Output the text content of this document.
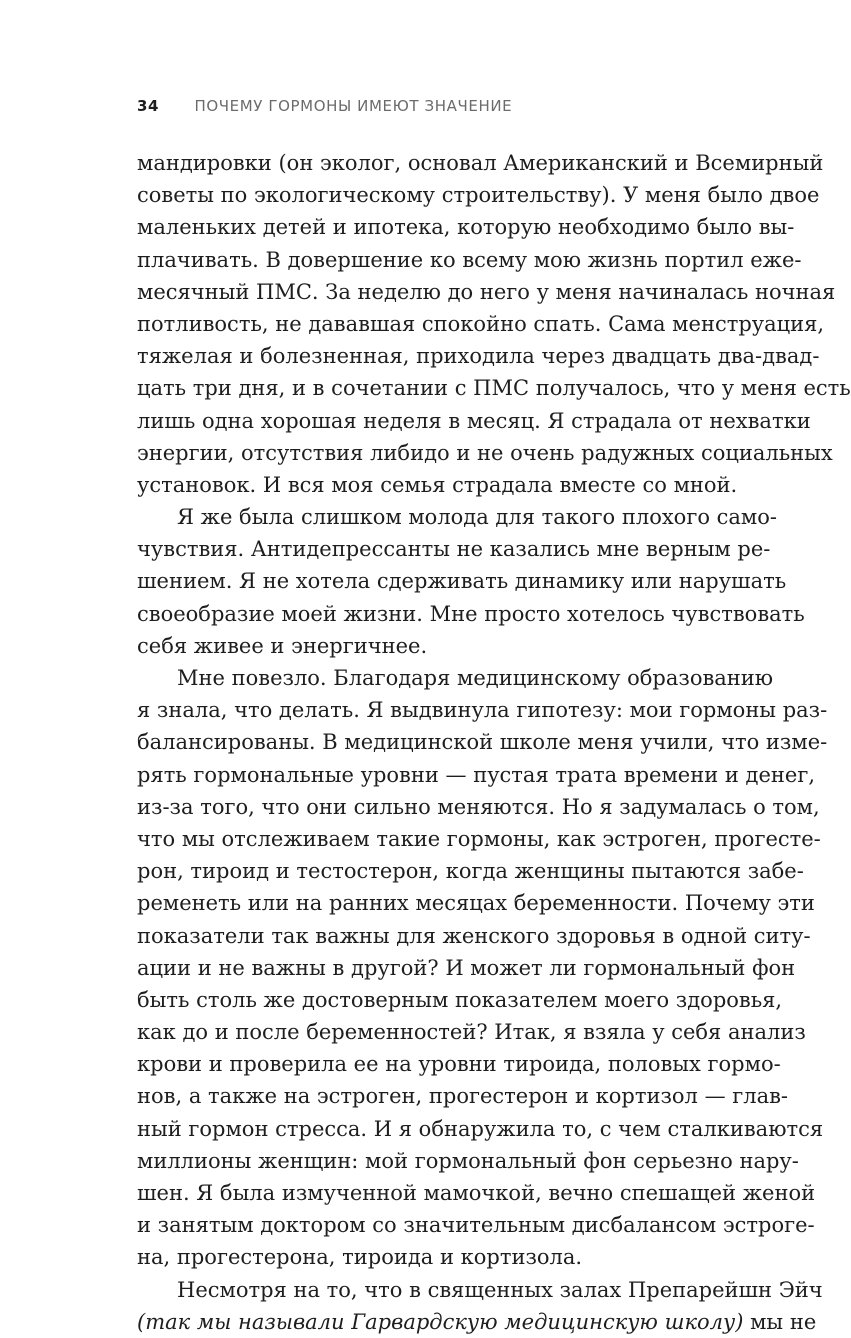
34 ПОЧЕМУ ГОРМОНЫ ИМЕЮТ ЗНАЧЕНИЕ
мандировки (он эколог, основал Американский и Всемирный
советы по экологическому строительству). У меня было двое
маленьких детей и ипотека, которую необходимо было вы-
плачивать. В довершение ко всему мою жизнь портил еже-
месячный ПМС. За неделю до него у меня начиналась ночная
потливость, не дававшая спокойно спать. Сама менструация,
тяжелая и болезненная, приходила через двадцать два-двад-
цать три дня, и в сочетании с ПМС получалось, что у меня есть
лишь одна хорошая неделя в месяц. Я страдала от нехватки
энергии, отсутствия либидо и не очень радужных социальных
установок. И вся моя семья страдала вместе со мной.
Я же была слишком молода для такого плохого само-
чувствия. Антидепрессанты не казались мне верным ре-
шением. Я не хотела сдерживать динамику или нарушать
своеобразие моей жизни. Мне просто хотелось чувствовать
себя живее и энергичнее.
Мне повезло. Благодаря медицинскому образованию
я знала, что делать. Я выдвинула гипотезу: мои гормоны раз-
балансированы. В медицинской школе меня учили, что изме-
рять гормональные уровни — пустая трата времени и денег,
из-за того, что они сильно меняются. Но я задумалась о том,
что мы отслеживаем такие гормоны, как эстроген, прогесте-
рон, тироид и тестостерон, когда женщины пытаются забе-
ременеть или на ранних месяцах беременности. Почему эти
показатели так важны для женского здоровья в одной ситу-
ации и не важны в другой? И может ли гормональный фон
быть столь же достоверным показателем моего здоровья,
как до и после беременностей? Итак, я взяла у себя анализ
крови и проверила ее на уровни тироида, половых гормо-
нов, а также на эстроген, прогестерон и кортизол — глав-
ный гормон стресса. И я обнаружила то, с чем сталкиваются
миллионы женщин: мой гормональный фон серьезно нару-
шен. Я была измученной мамочкой, вечно спешащей женой
и занятым доктором со значительным дисбалансом эстроге-
на, прогестерона, тироида и кортизола.
Несмотря на то, что в священных залах Препарейшн Эйч
(так мы называли Гарвардскую медицинскую школу) мы не
